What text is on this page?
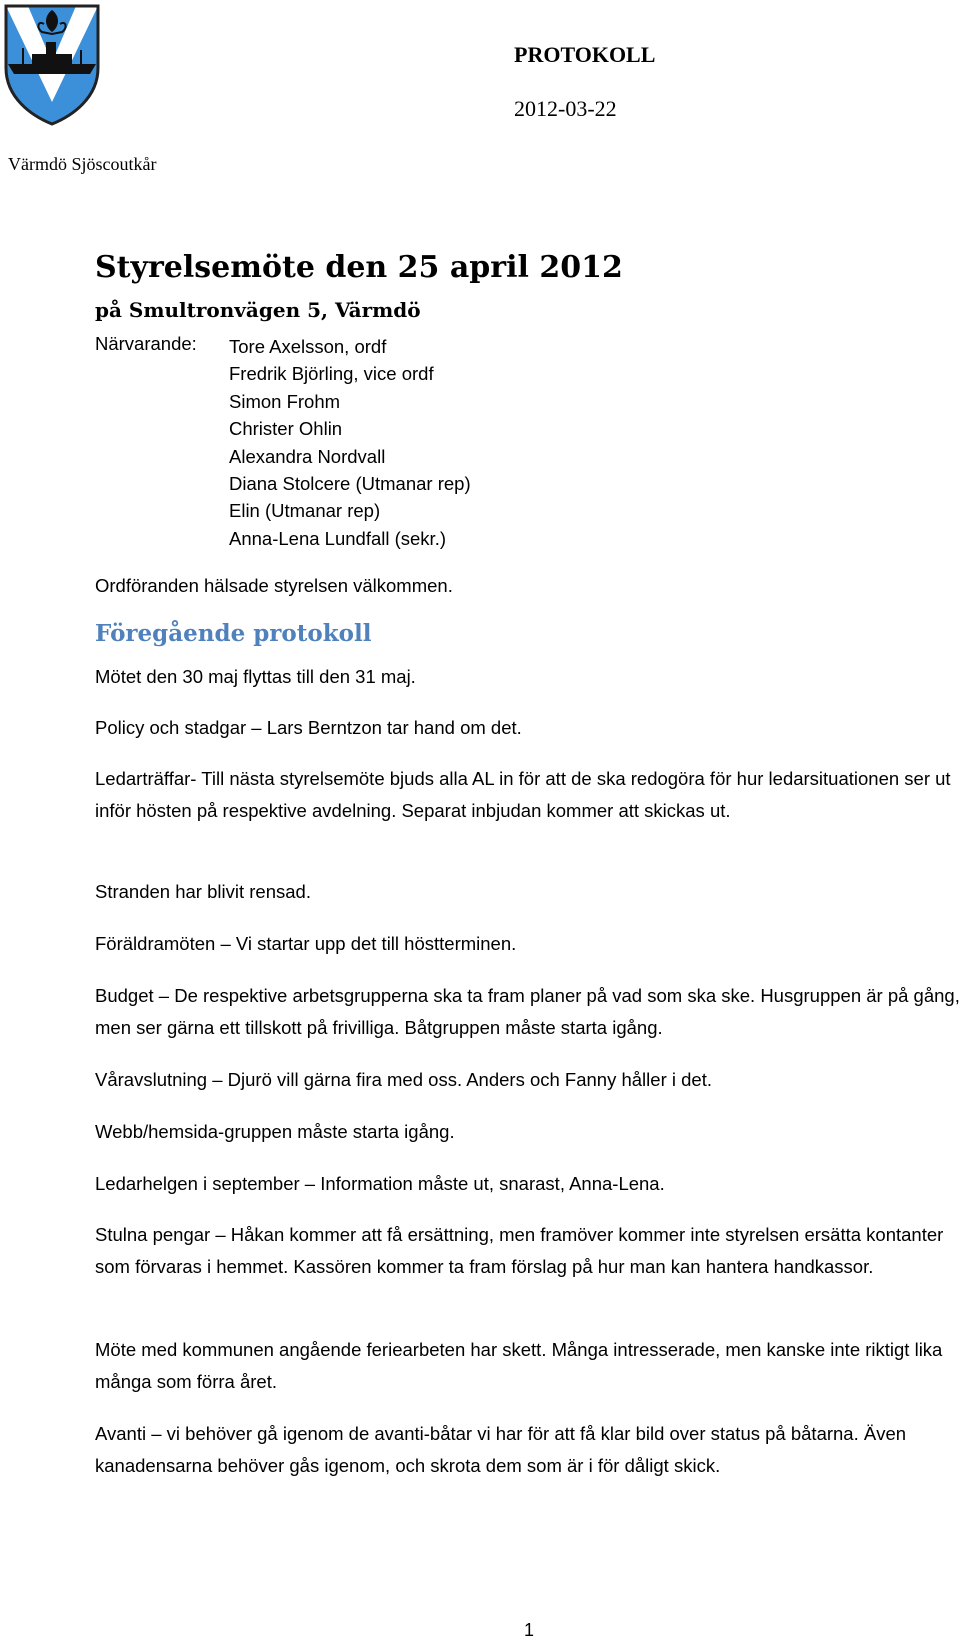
Värmdö Sjöscoutkår
PROTOKOLL
2012-03-22
Styrelsemöte den 25 april 2012
på Smultronvägen 5, Värmdö
Närvarande: Tore Axelsson, ordf
Fredrik Björling, vice ordf
Simon Frohm
Christer Ohlin
Alexandra Nordvall
Diana Stolcere (Utmanar rep)
Elin (Utmanar rep)
Anna-Lena Lundfall (sekr.)
Ordföranden hälsade styrelsen välkommen.
Föregående protokoll
Mötet den 30 maj flyttas till den 31 maj.
Policy och stadgar – Lars Berntzon tar hand om det.
Ledarträffar- Till nästa styrelsemöte bjuds alla AL in för att de ska redogöra för hur ledarsituationen ser ut inför hösten på respektive avdelning. Separat inbjudan kommer att skickas ut.
Stranden har blivit rensad.
Föräldramöten – Vi startar upp det till höstterminen.
Budget – De respektive arbetsgrupperna ska ta fram planer på vad som ska ske. Husgruppen är på gång, men ser gärna ett tillskott på frivilliga. Båtgruppen måste starta igång.
Våravslutning – Djurö vill gärna fira med oss. Anders och Fanny håller i det.
Webb/hemsida-gruppen måste starta igång.
Ledarhelgen i september – Information måste ut, snarast, Anna-Lena.
Stulna pengar – Håkan kommer att få ersättning, men framöver kommer inte styrelsen ersätta kontanter som förvaras i hemmet. Kassören kommer ta fram förslag på hur man kan hantera handkassor.
Möte med kommunen angående feriearbeten har skett. Många intresserade, men kanske inte riktigt lika många som förra året.
Avanti – vi behöver gå igenom de avanti-båtar vi har för att få klar bild over status på båtarna. Även kanadensarna behöver gås igenom, och skrota dem som är i för dåligt skick.
1
